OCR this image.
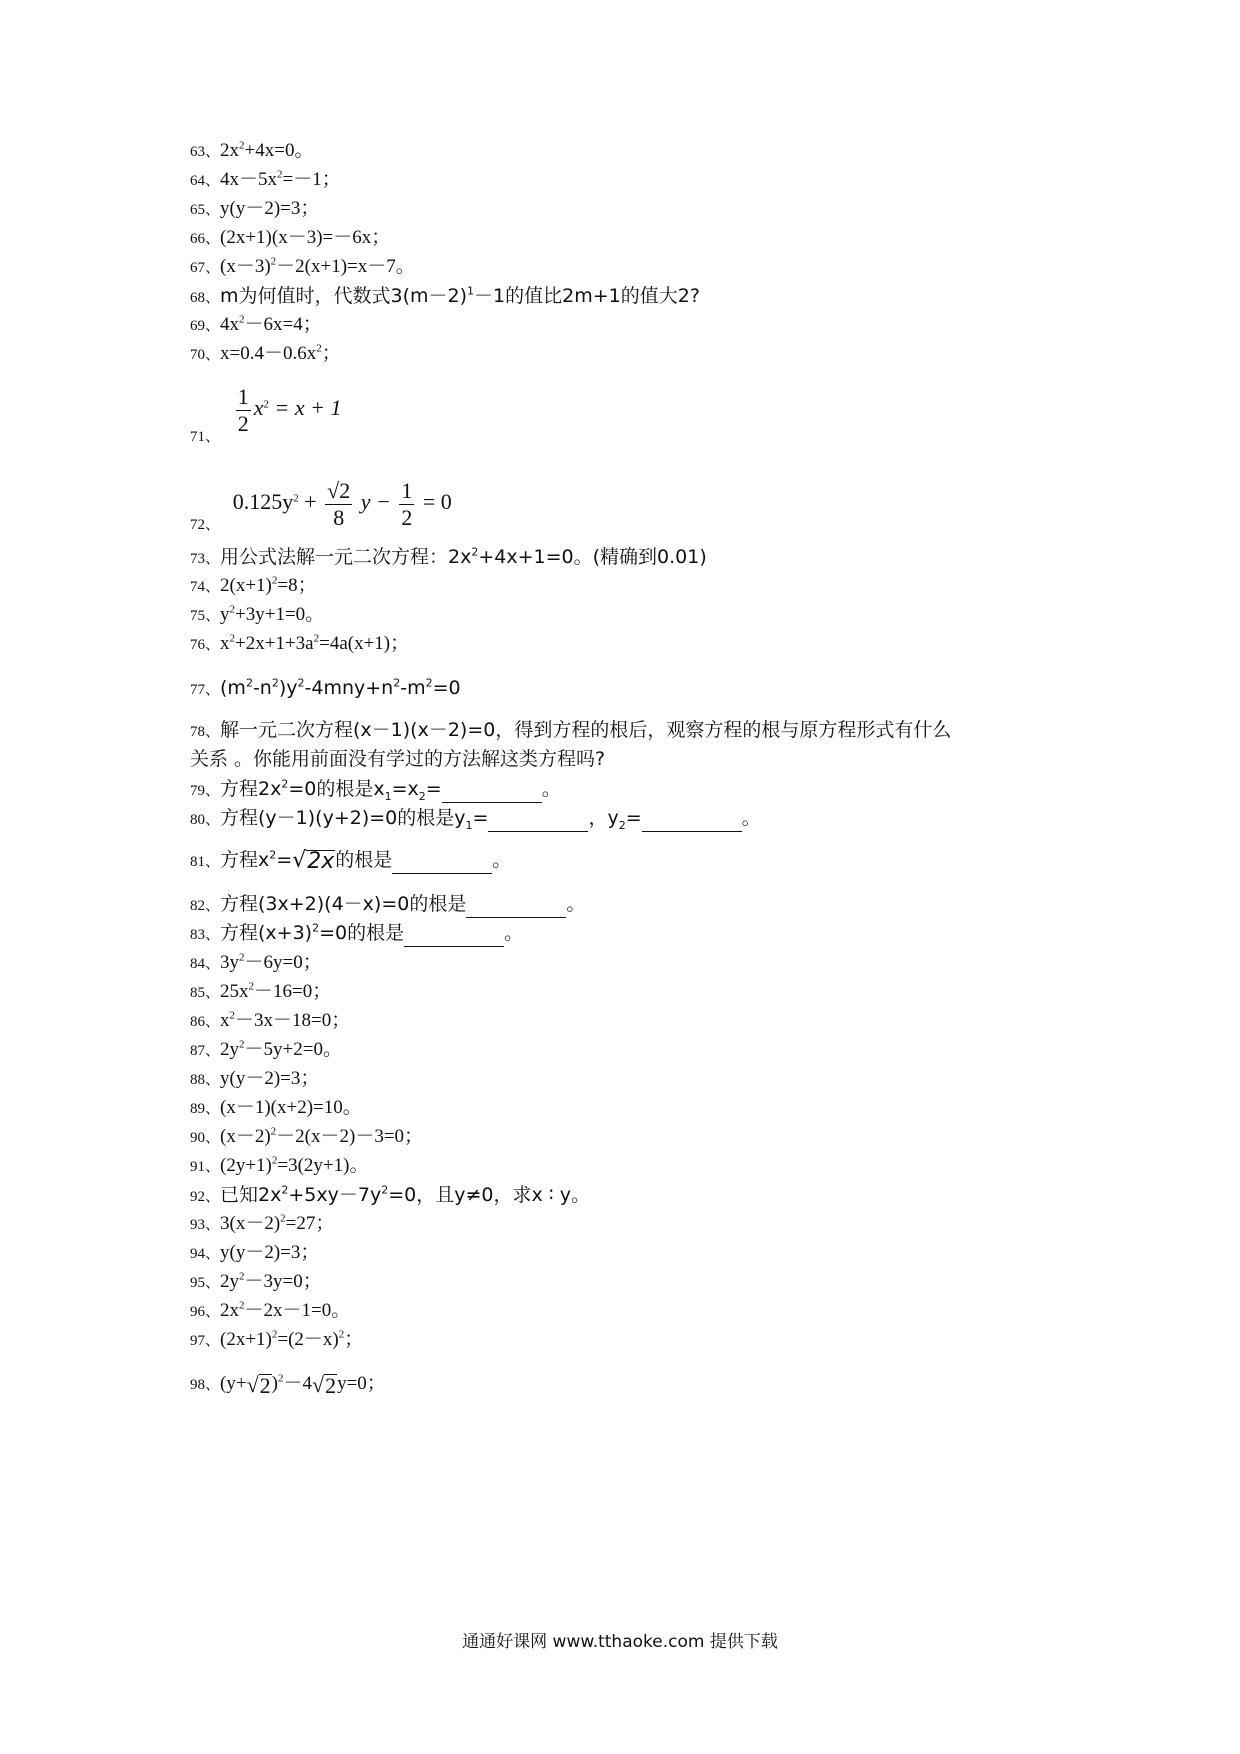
63、$2x^2+4x=0$。
64、$4x-5x^2=-1$；
65、y(y－2)=3；
66、(2x+1)(x－3)=－6x；
67、$(x-3)^2-2(x+1)=x-7$。
68、m为何值时，代数式$3(m-2)^1-1$的值比2m+1的值大2?
69、$4x^2-6x=4$；
70、$x=0.4-0.6x^2$；

$\frac{1}{2} x^2 = x + 1$
71、
$0.125y^2 + \frac{√2}{8}$ $y - \frac{1}{2} = 0$
72、
73、用公式法解一元二次方程：$2x^2+4x+1=0$。(精确到0.01)
74、$2(x+1)^2=8$；
75、$y^2+3y+1=0$。
76、$x^2+2x+1+3a^2=4a(x+1)$；
77、$(m^2-n^2)y^2-4mny+n^2-m^2=0$
78、解一元二次方程(x－1)(x－2)=0，得到方程的根后，观察方程的根与原方程形式有什么
关系 。你能用前面没有学过的方法解这类方程吗?
79、方程$2x^2=0$的根是$x_1=x_2=$	。
80、方程(y－1)(y+2)=0的根是$y_1=$	，$y_2=$	。
81、方程$x^2=$ √ 2x 的根是	。
82、方程(3x+2)(4－x)=0的根是	。
83、方程$(x+3)^2=0$的根是	。
84、$3y^2-6y=0$；
85、$25x^2-16=0$；
86、$x^2-3x-18=0$；
87、$2y^2-5y+2=0$。
88、y(y－2)=3；
89、(x－1)(x+2)=10。
90、$(x-2)^2-2(x-2)-3=0$；
91、$(2y+1)^2=3(2y+1)$。
92、已知$2x^2+5xy-7y^2=0$，且y≠0，求x ∶ y。
93、$3(x-2)^2=27$；
94、y(y－2)=3；
95、$2y^2-3y=0$；
96、$2x^2-2x-1=0$。
97、$(2x+1)^2=(2-x)^2$；
98、(y+ √ 2 )$^2$－4 √ 2 y=0；
通通好课网 www.tthaoke.com 提供下载
